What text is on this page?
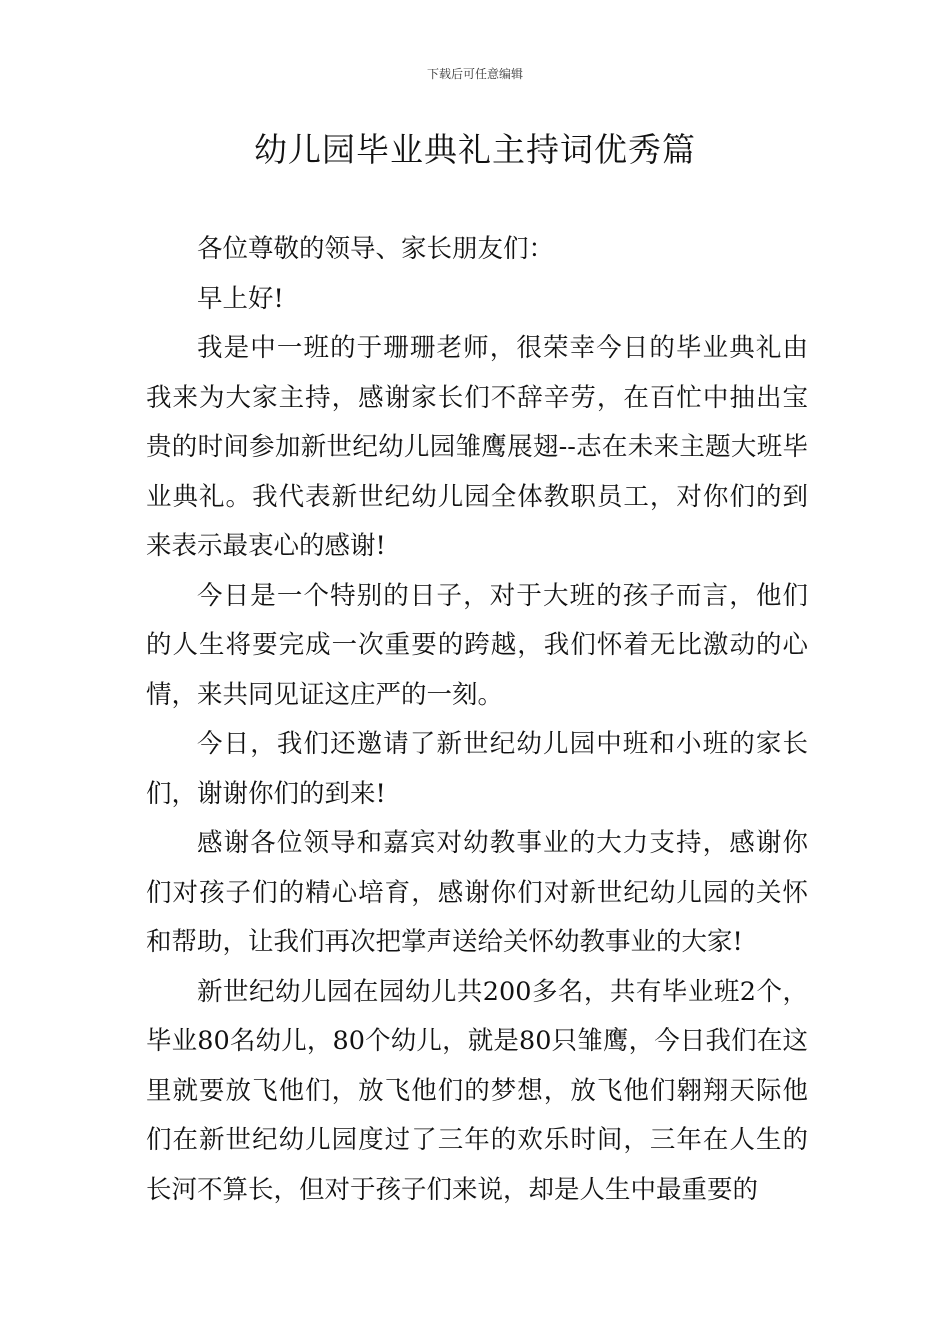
下载后可任意编辑
幼儿园毕业典礼主持词优秀篇

各位尊敬的领导、家长朋友们：

早上好!

我是中一班的于珊珊老师，很荣幸今日的毕业典礼由我来为大家主持，感谢家长们不辞辛劳，在百忙中抽出宝贵的时间参加新世纪幼儿园雏鹰展翅--志在未来主题大班毕业典礼。我代表新世纪幼儿园全体教职员工，对你们的到来表示最衷心的感谢!

今日是一个特别的日子，对于大班的孩子而言，他们的人生将要完成一次重要的跨越，我们怀着无比激动的心情，来共同见证这庄严的一刻。

今日，我们还邀请了新世纪幼儿园中班和小班的家长们，谢谢你们的到来!

感谢各位领导和嘉宾对幼教事业的大力支持，感谢你们对孩子们的精心培育，感谢你们对新世纪幼儿园的关怀和帮助，让我们再次把掌声送给关怀幼教事业的大家!

新世纪幼儿园在园幼儿共200多名，共有毕业班2个，毕业80名幼儿，80个幼儿，就是80只雏鹰，今日我们在这里就要放飞他们，放飞他们的梦想，放飞他们翱翔天际他们在新世纪幼儿园度过了三年的欢乐时间，三年在人生的长河不算长，但对于孩子们来说，却是人生中最重要的
